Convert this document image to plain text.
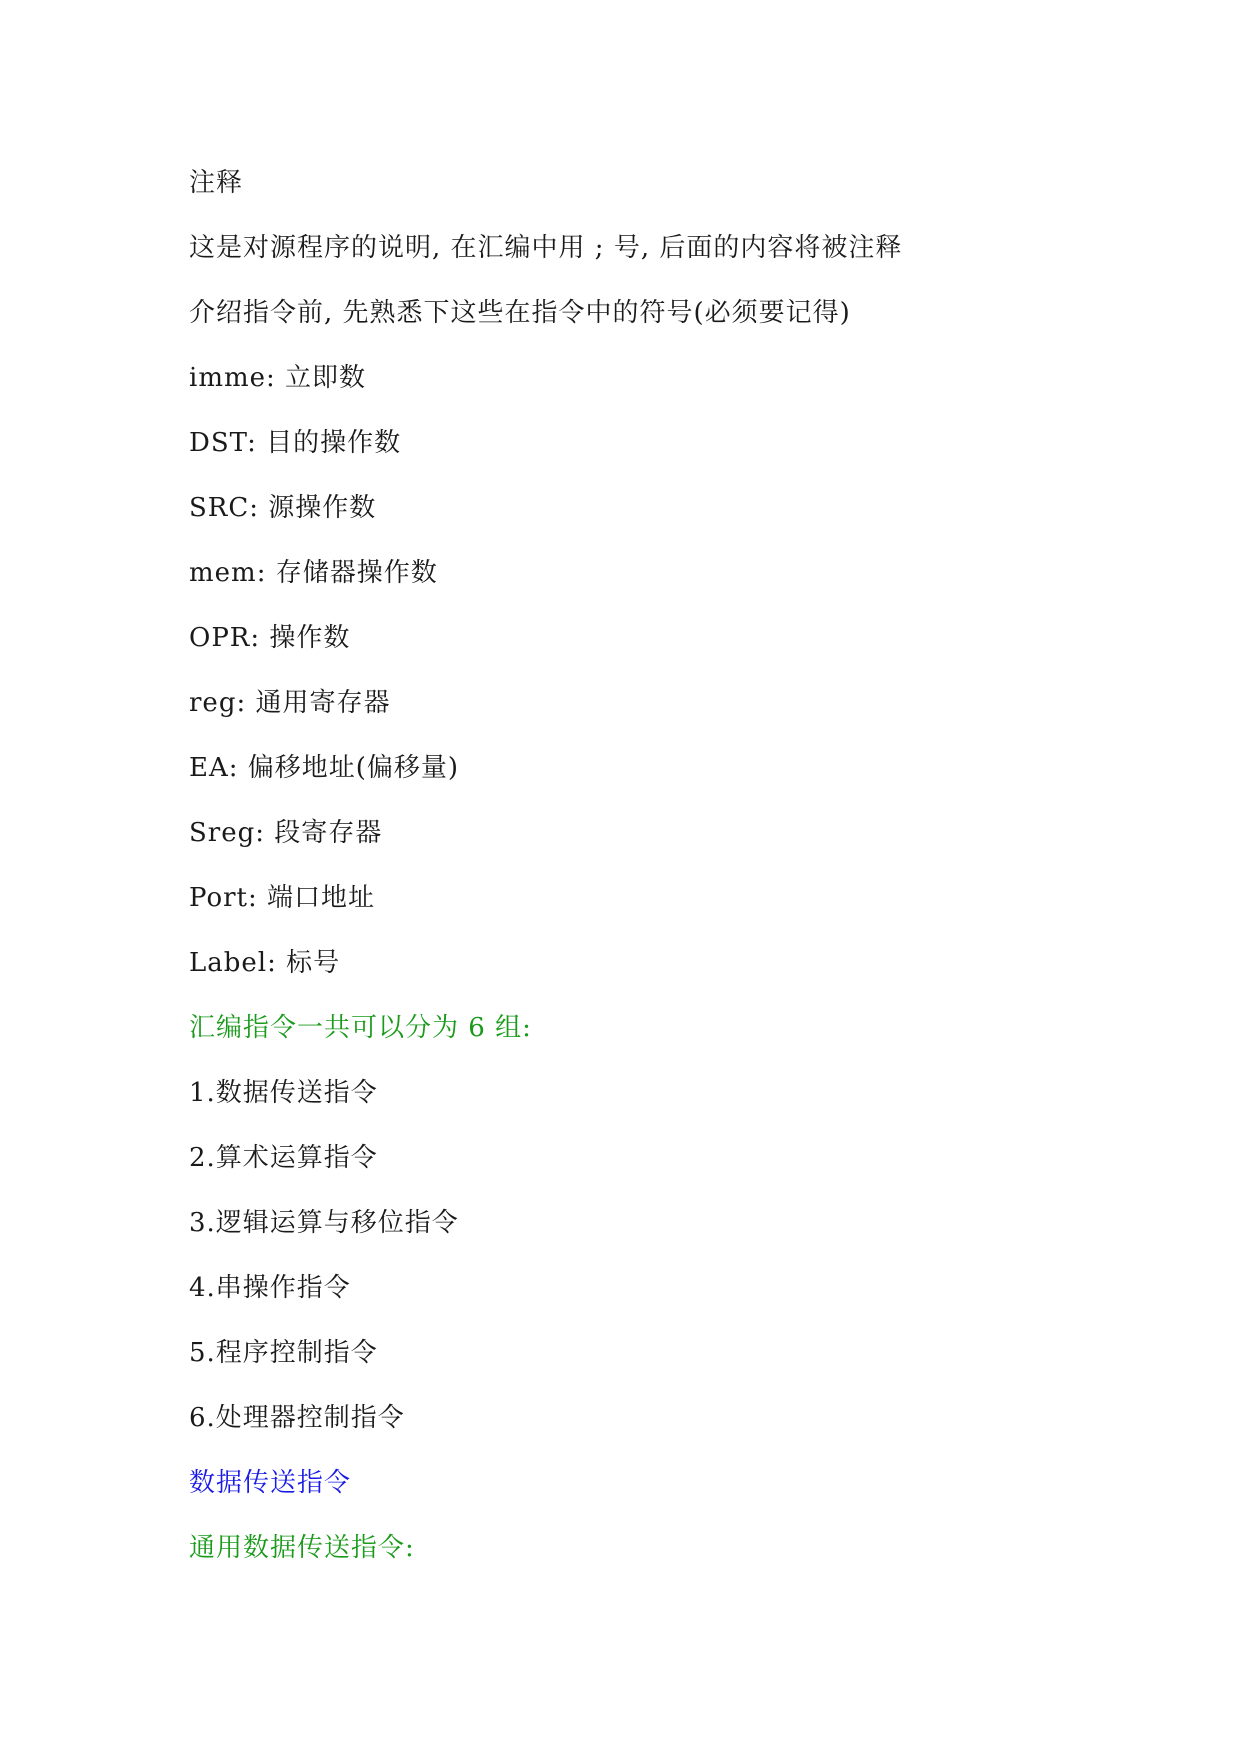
注释
这是对源程序的说明, 在汇编中用 ; 号, 后面的内容将被注释
介绍指令前, 先熟悉下这些在指令中的符号(必须要记得)
imme: 立即数
DST: 目的操作数
SRC: 源操作数
mem: 存储器操作数
OPR: 操作数
reg: 通用寄存器
EA: 偏移地址(偏移量)
Sreg: 段寄存器
Port: 端口地址
Label: 标号
汇编指令一共可以分为 6 组:
1.数据传送指令
2.算术运算指令
3.逻辑运算与移位指令
4.串操作指令
5.程序控制指令
6.处理器控制指令
数据传送指令
通用数据传送指令:
